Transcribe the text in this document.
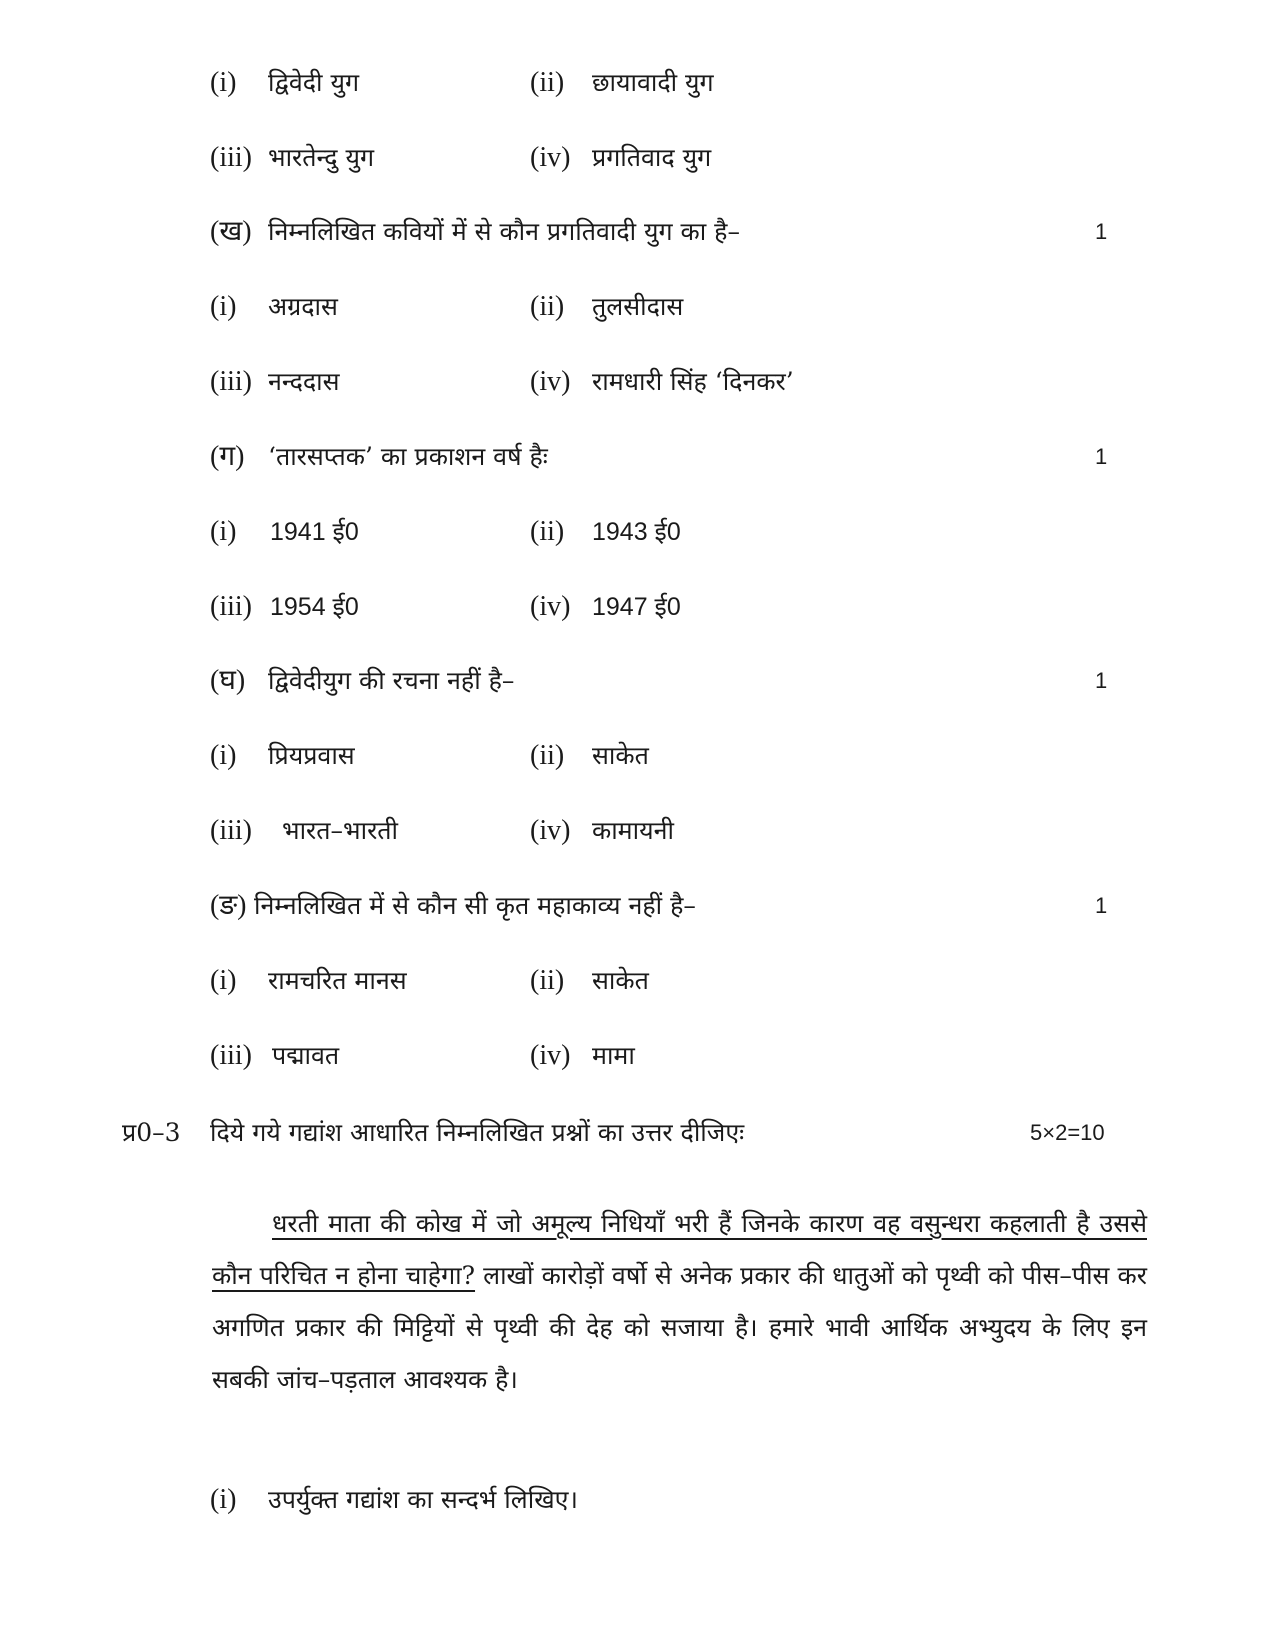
(i) द्विवेदी युग	(ii) छायावादी युग
(iii) भारतेन्दु युग	(iv) प्रगतिवाद युग
(ख) निम्नलिखित कवियों में से कौन प्रगतिवादी युग का है–	1
(i) अग्रदास	(ii) तुलसीदास
(iii) नन्ददास	(iv) रामधारी सिंह ‘दिनकर’
(ग) ‘तारसप्तक’ का प्रकाशन वर्ष हैः	1
(i) 1941 ई0	(ii) 1943 ई0
(iii) 1954 ई0	(iv) 1947 ई0
(घ) द्विवेदीयुग की रचना नहीं है–	1
(i) प्रियप्रवास	(ii) साकेत
(iii) भारत–भारती	(iv) कामायनी
(ङ) निम्नलिखित में से कौन सी कृत महाकाव्य नहीं है–	1
(i) रामचरित मानस	(ii) साकेत
(iii) पद्मावत	(iv) मामा
प्र0–3 दिये गये गद्यांश आधारित निम्नलिखित प्रश्नों का उत्तर दीजिएः	5×2=10

धरती माता की कोख में जो अमूल्य निधियाँ भरी हैं जिनके कारण वह वसुन्धरा कहलाती है उससे कौन परिचित न होना चाहेगा? लाखों कारोड़ों वर्षो से अनेक प्रकार की धातुओं को पृथ्वी को पीस–पीस कर अगणित प्रकार की मिट्टियों से पृथ्वी की देह को सजाया है। हमारे भावी आर्थिक अभ्युदय के लिए इन सबकी जांच–पड़ताल आवश्यक है।

(i) उपर्युक्त गद्यांश का सन्दर्भ लिखिए।
